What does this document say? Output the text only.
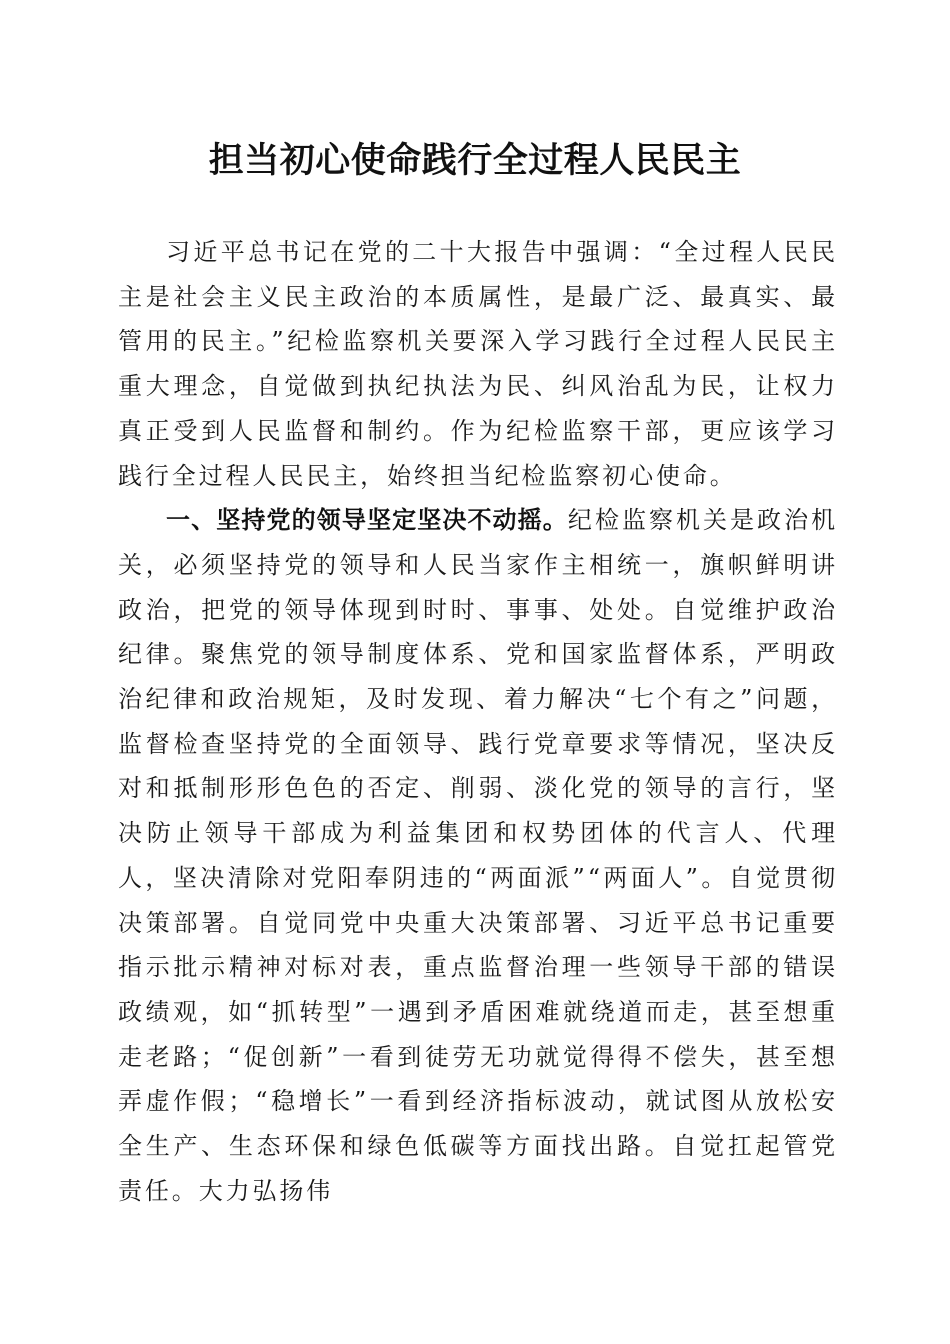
担当初心使命践行全过程人民民主

习近平总书记在党的二十大报告中强调：“全过程人民民主是社会主义民主政治的本质属性，是最广泛、最真实、最管用的民主。”纪检监察机关要深入学习践行全过程人民民主重大理念，自觉做到执纪执法为民、纠风治乱为民，让权力真正受到人民监督和制约。作为纪检监察干部，更应该学习践行全过程人民民主，始终担当纪检监察初心使命。

一、坚持党的领导坚定坚决不动摇。纪检监察机关是政治机关，必须坚持党的领导和人民当家作主相统一，旗帜鲜明讲政治，把党的领导体现到时时、事事、处处。自觉维护政治纪律。聚焦党的领导制度体系、党和国家监督体系，严明政治纪律和政治规矩，及时发现、着力解决“七个有之”问题，监督检查坚持党的全面领导、践行党章要求等情况，坚决反对和抵制形形色色的否定、削弱、淡化党的领导的言行，坚决防止领导干部成为利益集团和权势团体的代言人、代理人，坚决清除对党阳奉阴违的“两面派”“两面人”。自觉贯彻决策部署。自觉同党中央重大决策部署、习近平总书记重要指示批示精神对标对表，重点监督治理一些领导干部的错误政绩观，如“抓转型”一遇到矛盾困难就绕道而走，甚至想重走老路；“促创新”一看到徒劳无功就觉得得不偿失，甚至想弄虚作假；“稳增长”一看到经济指标波动，就试图从放松安全生产、生态环保和绿色低碳等方面找出路。自觉扛起管党责任。大力弘扬伟
